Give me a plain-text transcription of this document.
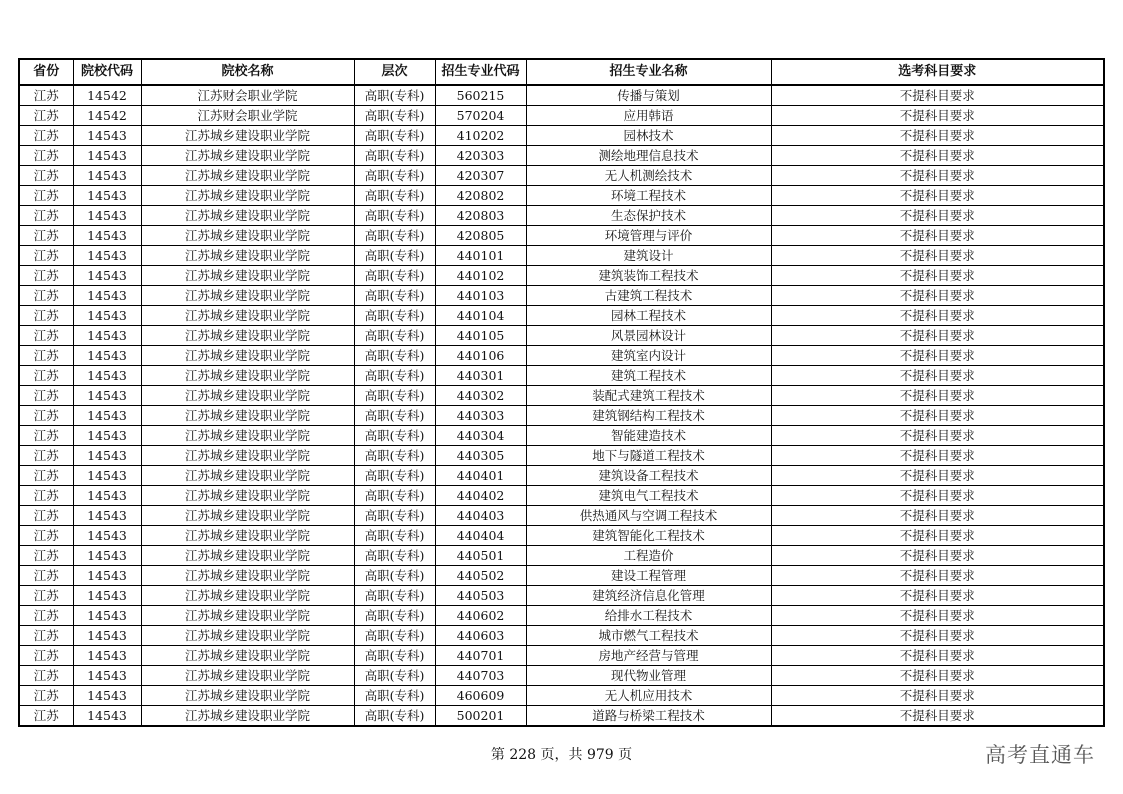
省份	院校代码	院校名称	层次	招生专业代码	招生专业名称	选考科目要求
江苏	14542	江苏财会职业学院	高职(专科)	560215	传播与策划	不提科目要求
江苏	14542	江苏财会职业学院	高职(专科)	570204	应用韩语	不提科目要求
江苏	14543	江苏城乡建设职业学院	高职(专科)	410202	园林技术	不提科目要求
江苏	14543	江苏城乡建设职业学院	高职(专科)	420303	测绘地理信息技术	不提科目要求
江苏	14543	江苏城乡建设职业学院	高职(专科)	420307	无人机测绘技术	不提科目要求
江苏	14543	江苏城乡建设职业学院	高职(专科)	420802	环境工程技术	不提科目要求
江苏	14543	江苏城乡建设职业学院	高职(专科)	420803	生态保护技术	不提科目要求
江苏	14543	江苏城乡建设职业学院	高职(专科)	420805	环境管理与评价	不提科目要求
江苏	14543	江苏城乡建设职业学院	高职(专科)	440101	建筑设计	不提科目要求
江苏	14543	江苏城乡建设职业学院	高职(专科)	440102	建筑装饰工程技术	不提科目要求
江苏	14543	江苏城乡建设职业学院	高职(专科)	440103	古建筑工程技术	不提科目要求
江苏	14543	江苏城乡建设职业学院	高职(专科)	440104	园林工程技术	不提科目要求
江苏	14543	江苏城乡建设职业学院	高职(专科)	440105	风景园林设计	不提科目要求
江苏	14543	江苏城乡建设职业学院	高职(专科)	440106	建筑室内设计	不提科目要求
江苏	14543	江苏城乡建设职业学院	高职(专科)	440301	建筑工程技术	不提科目要求
江苏	14543	江苏城乡建设职业学院	高职(专科)	440302	装配式建筑工程技术	不提科目要求
江苏	14543	江苏城乡建设职业学院	高职(专科)	440303	建筑钢结构工程技术	不提科目要求
江苏	14543	江苏城乡建设职业学院	高职(专科)	440304	智能建造技术	不提科目要求
江苏	14543	江苏城乡建设职业学院	高职(专科)	440305	地下与隧道工程技术	不提科目要求
江苏	14543	江苏城乡建设职业学院	高职(专科)	440401	建筑设备工程技术	不提科目要求
江苏	14543	江苏城乡建设职业学院	高职(专科)	440402	建筑电气工程技术	不提科目要求
江苏	14543	江苏城乡建设职业学院	高职(专科)	440403	供热通风与空调工程技术	不提科目要求
江苏	14543	江苏城乡建设职业学院	高职(专科)	440404	建筑智能化工程技术	不提科目要求
江苏	14543	江苏城乡建设职业学院	高职(专科)	440501	工程造价	不提科目要求
江苏	14543	江苏城乡建设职业学院	高职(专科)	440502	建设工程管理	不提科目要求
江苏	14543	江苏城乡建设职业学院	高职(专科)	440503	建筑经济信息化管理	不提科目要求
江苏	14543	江苏城乡建设职业学院	高职(专科)	440602	给排水工程技术	不提科目要求
江苏	14543	江苏城乡建设职业学院	高职(专科)	440603	城市燃气工程技术	不提科目要求
江苏	14543	江苏城乡建设职业学院	高职(专科)	440701	房地产经营与管理	不提科目要求
江苏	14543	江苏城乡建设职业学院	高职(专科)	440703	现代物业管理	不提科目要求
江苏	14543	江苏城乡建设职业学院	高职(专科)	460609	无人机应用技术	不提科目要求
江苏	14543	江苏城乡建设职业学院	高职(专科)	500201	道路与桥梁工程技术	不提科目要求
第 228 页，共 979 页	高考直通车
